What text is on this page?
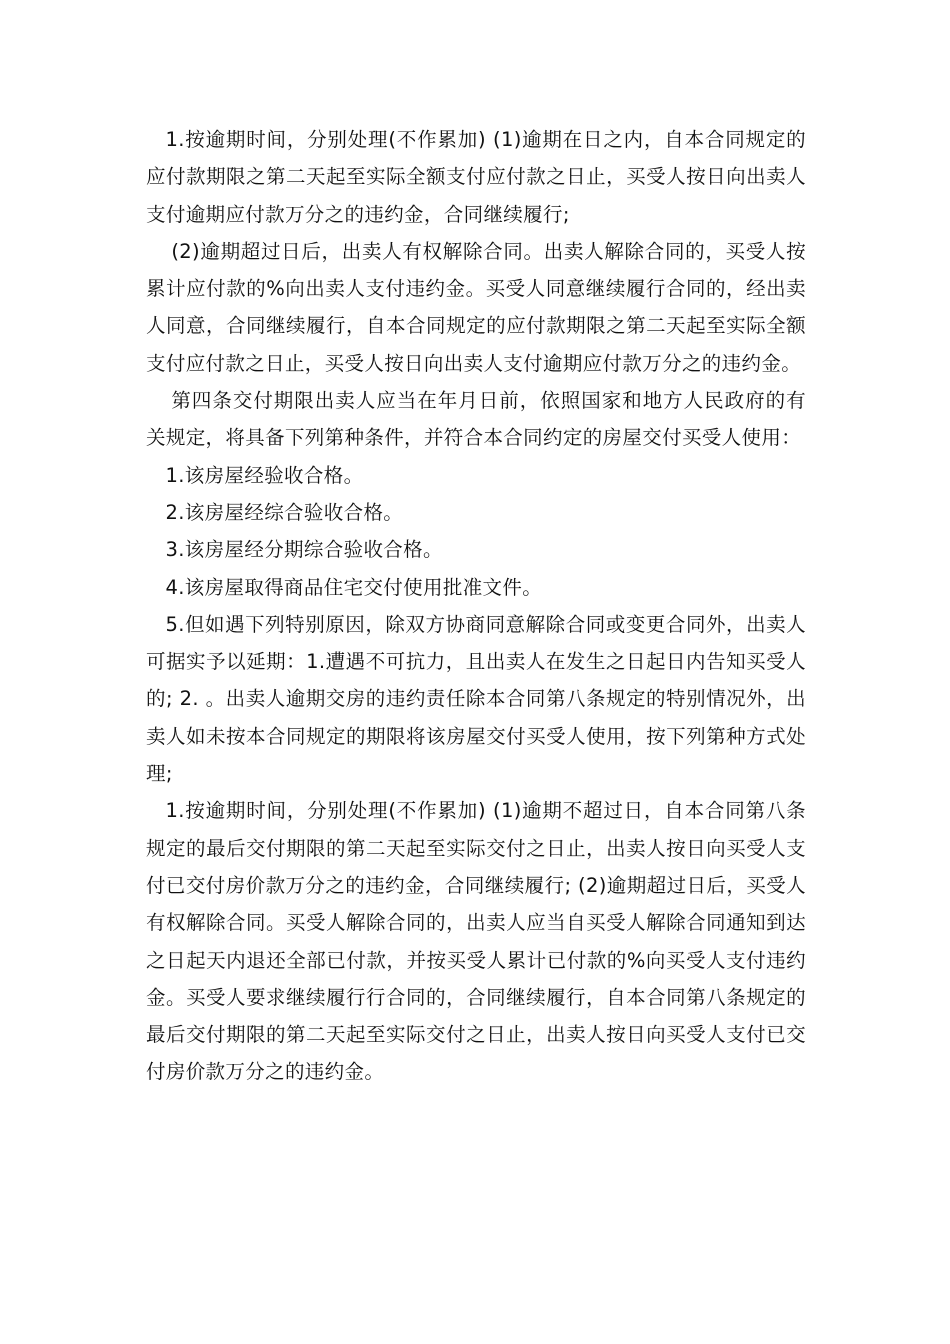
1.按逾期时间，分别处理(不作累加) (1)逾期在日之内，自本合同规定的应付款期限之第二天起至实际全额支付应付款之日止，买受人按日向出卖人支付逾期应付款万分之的违约金，合同继续履行;

(2)逾期超过日后，出卖人有权解除合同。出卖人解除合同的，买受人按累计应付款的%向出卖人支付违约金。买受人同意继续履行合同的，经出卖人同意，合同继续履行，自本合同规定的应付款期限之第二天起至实际全额支付应付款之日止，买受人按日向出卖人支付逾期应付款万分之的违约金。

第四条交付期限出卖人应当在年月日前，依照国家和地方人民政府的有关规定，将具备下列第种条件，并符合本合同约定的房屋交付买受人使用：

1.该房屋经验收合格。

2.该房屋经综合验收合格。

3.该房屋经分期综合验收合格。

4.该房屋取得商品住宅交付使用批准文件。

5.但如遇下列特别原因，除双方协商同意解除合同或变更合同外，出卖人可据实予以延期：1.遭遇不可抗力，且出卖人在发生之日起日内告知买受人的; 2. 。出卖人逾期交房的违约责任除本合同第八条规定的特别情况外，出卖人如未按本合同规定的期限将该房屋交付买受人使用，按下列第种方式处理;

1.按逾期时间，分别处理(不作累加) (1)逾期不超过日，自本合同第八条规定的最后交付期限的第二天起至实际交付之日止，出卖人按日向买受人支付已交付房价款万分之的违约金，合同继续履行; (2)逾期超过日后，买受人有权解除合同。买受人解除合同的，出卖人应当自买受人解除合同通知到达之日起天内退还全部已付款，并按买受人累计已付款的%向买受人支付违约金。买受人要求继续履行行合同的，合同继续履行，自本合同第八条规定的最后交付期限的第二天起至实际交付之日止，出卖人按日向买受人支付已交付房价款万分之的违约金。
